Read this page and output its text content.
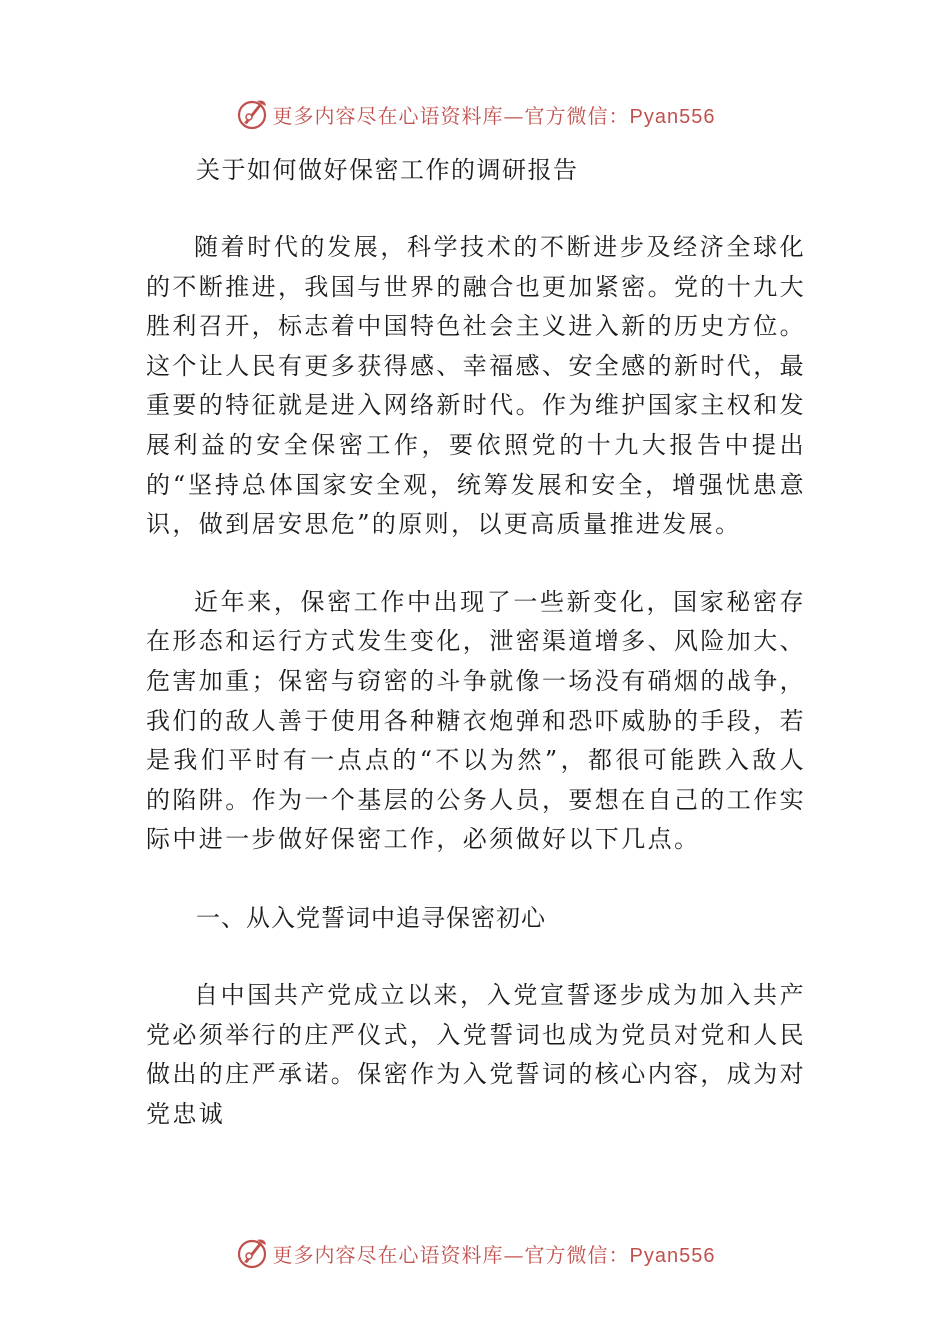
更多内容尽在心语资料库—官方微信：Pyan556
关于如何做好保密工作的调研报告

随着时代的发展，科学技术的不断进步及经济全球化的不断推进，我国与世界的融合也更加紧密。党的十九大胜利召开，标志着中国特色社会主义进入新的历史方位。这个让人民有更多获得感、幸福感、安全感的新时代，最重要的特征就是进入网络新时代。作为维护国家主权和发展利益的安全保密工作，要依照党的十九大报告中提出的“坚持总体国家安全观，统筹发展和安全，增强忧患意识，做到居安思危”的原则，以更高质量推进发展。

近年来，保密工作中出现了一些新变化，国家秘密存在形态和运行方式发生变化，泄密渠道增多、风险加大、危害加重；保密与窃密的斗争就像一场没有硝烟的战争，我们的敌人善于使用各种糖衣炮弹和恐吓威胁的手段，若是我们平时有一点点的“不以为然”，都很可能跌入敌人的陷阱。作为一个基层的公务人员，要想在自己的工作实际中进一步做好保密工作，必须做好以下几点。

一、从入党誓词中追寻保密初心

自中国共产党成立以来，入党宣誓逐步成为加入共产党必须举行的庄严仪式，入党誓词也成为党员对党和人民做出的庄严承诺。保密作为入党誓词的核心内容，成为对党忠诚

更多内容尽在心语资料库—官方微信：Pyan556
